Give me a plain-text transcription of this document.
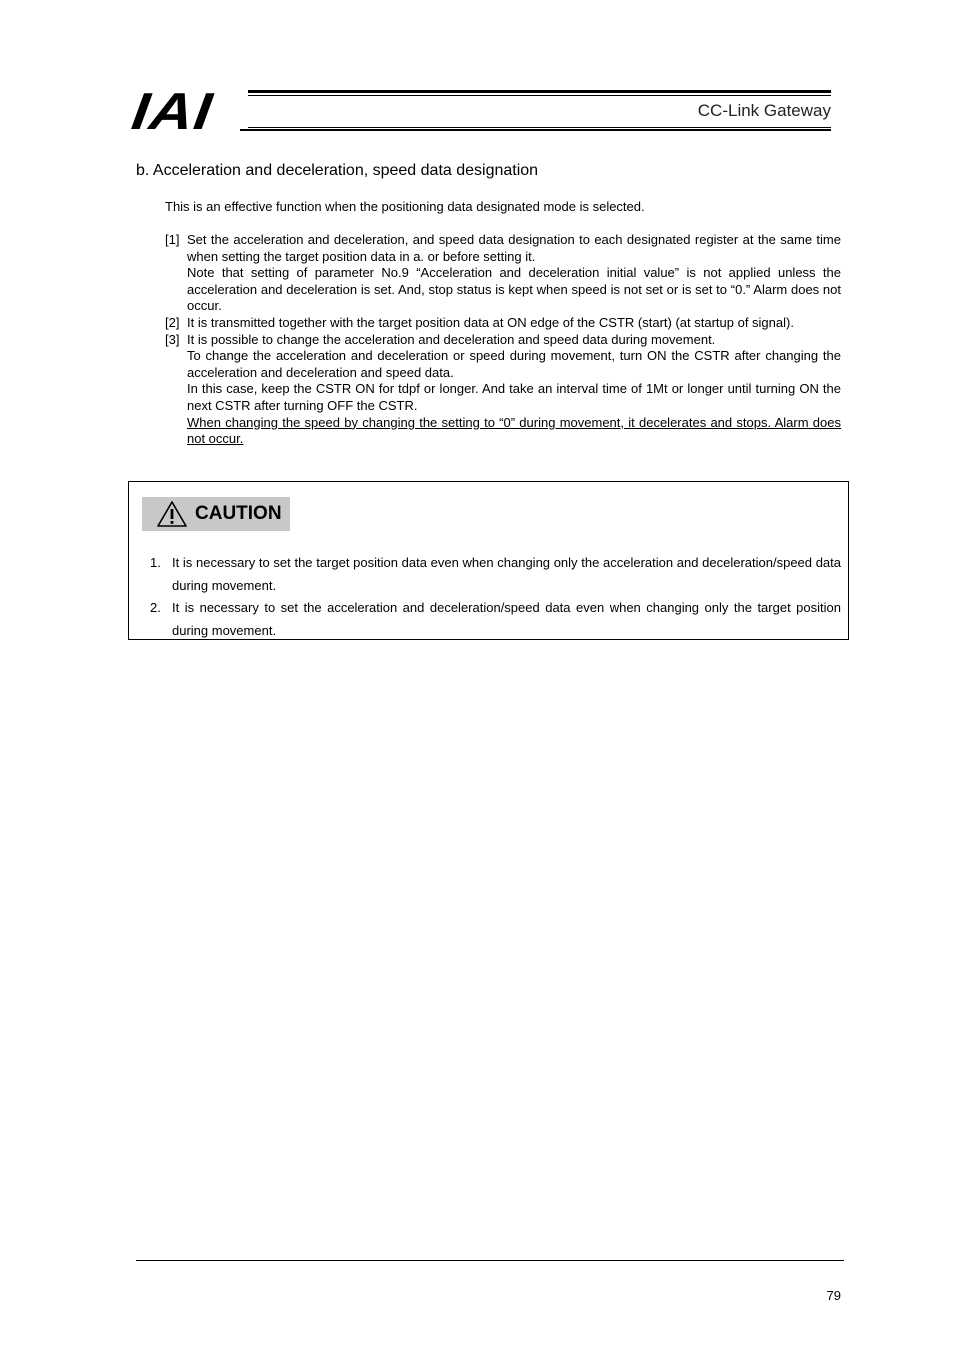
IAI	CC-Link Gateway
b. Acceleration and deceleration, speed data designation
This is an effective function when the positioning data designated mode is selected.
[1] Set the acceleration and deceleration, and speed data designation to each designated register at the same time when setting the target position data in a. or before setting it.

Note that setting of parameter No.9 “Acceleration and deceleration initial value” is not applied unless the acceleration and deceleration is set. And, stop status is kept when speed is not set or is set to “0.” Alarm does not occur.

[2] It is transmitted together with the target position data at ON edge of the CSTR (start) (at startup of signal).

[3] It is possible to change the acceleration and deceleration and speed data during movement.

To change the acceleration and deceleration or speed during movement, turn ON the CSTR after changing the acceleration and deceleration and speed data.

In this case, keep the CSTR ON for tdpf or longer. And take an interval time of 1Mt or longer until turning ON the next CSTR after turning OFF the CSTR.

When changing the speed by changing the setting to “0” during movement, it decelerates and stops. Alarm does not occur.

CAUTION
1. It is necessary to set the target position data even when changing only the acceleration and deceleration/speed data during movement.
2. It is necessary to set the acceleration and deceleration/speed data even when changing only the target position during movement.
79
